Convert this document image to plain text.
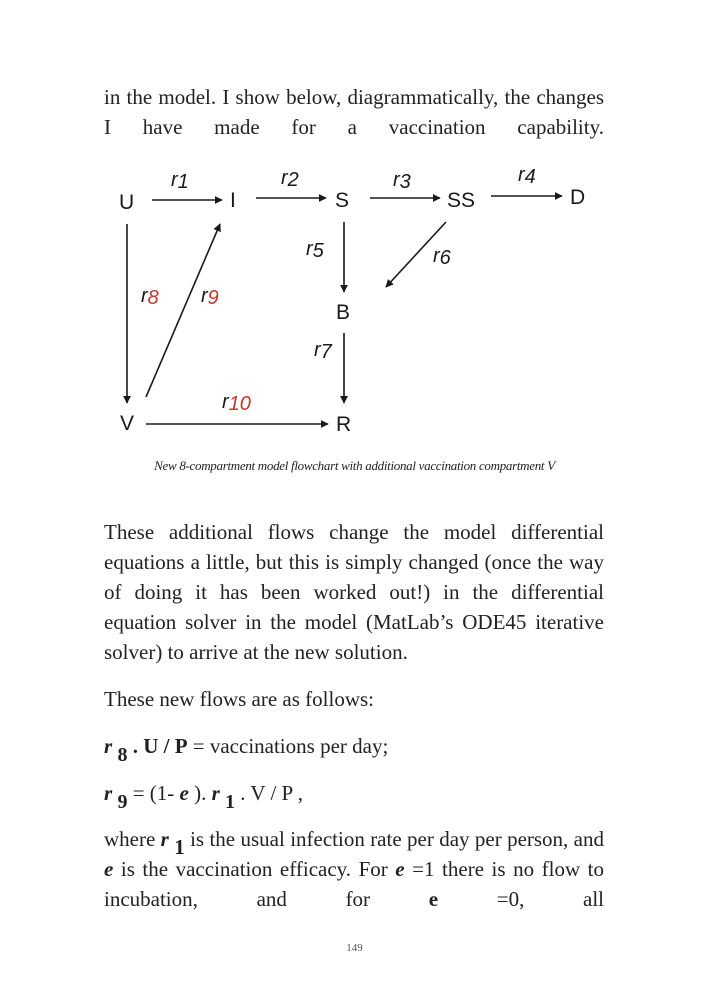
in the model. I show below, diagrammatically, the changes I have made for a vaccination capability.

U	I	S	SS	D
B
V	R
r1	r2	r3	r4
r5	r6
r7
r8 r9
r10
New 8-compartment model flowchart with additional vaccination compartment V

These additional flows change the model differential equations a little, but this is simply changed (once the way of doing it has been worked out!) in the differential equation solver in the model (MatLab’s ODE45 iterative solver) to arrive at the new solution.

These new flows are as follows:

r 8 . U / P = vaccinations per day;

r 9 = (1- e ). r 1 . V / P ,

where r 1 is the usual infection rate per day per person, and e is the vaccination efficacy. For e =1 there is no flow to incubation, and for e =0, all

149
